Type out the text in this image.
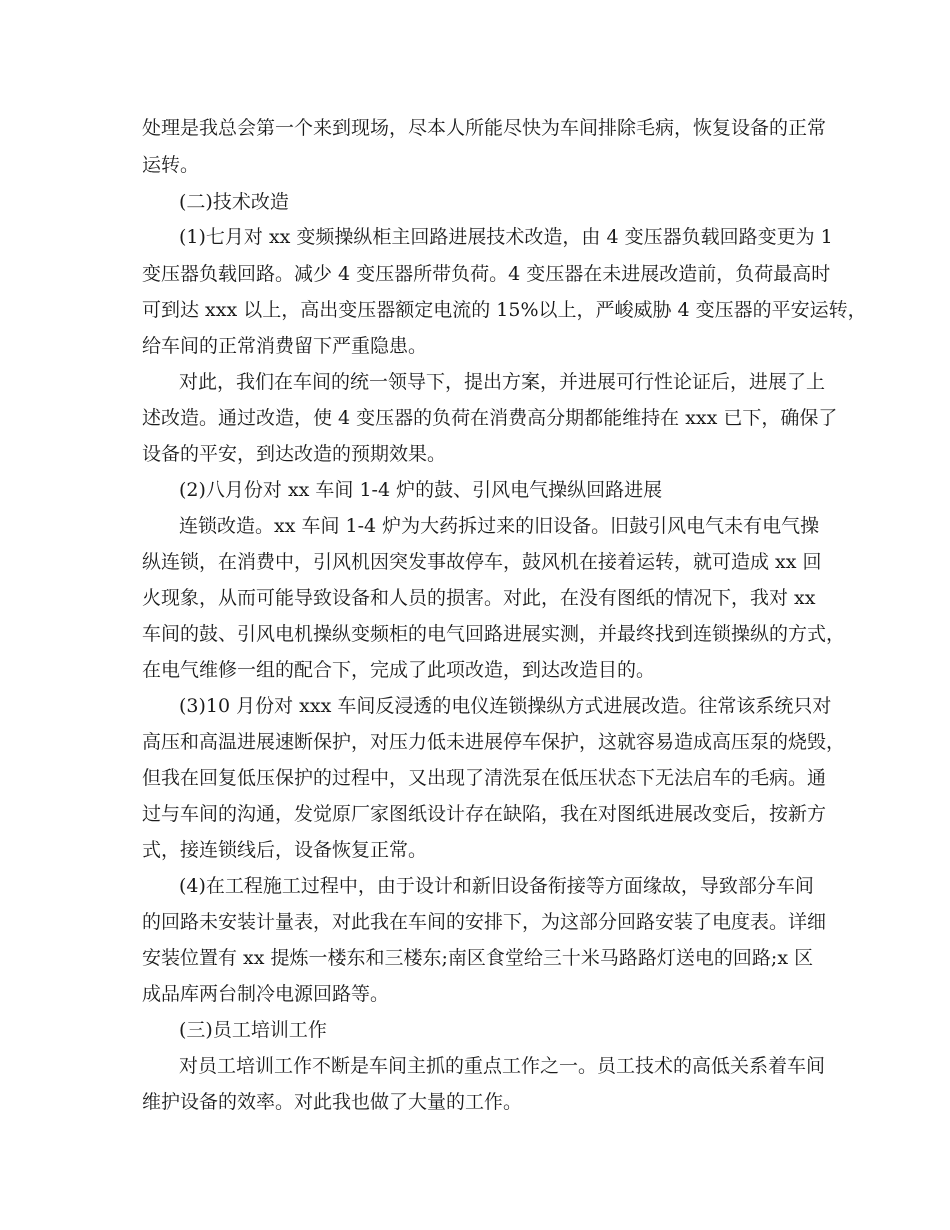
处理是我总会第一个来到现场，尽本人所能尽快为车间排除毛病，恢复设备的正常
运转。
(二)技术改造
(1)七月对 xx 变频操纵柜主回路进展技术改造，由 4 变压器负载回路变更为 1
变压器负载回路。减少 4 变压器所带负荷。4 变压器在未进展改造前，负荷最高时
可到达 xxx 以上，高出变压器额定电流的 15%以上，严峻威胁 4 变压器的平安运转，
给车间的正常消费留下严重隐患。
对此，我们在车间的统一领导下，提出方案，并进展可行性论证后，进展了上
述改造。通过改造，使 4 变压器的负荷在消费高分期都能维持在 xxx 已下，确保了
设备的平安，到达改造的预期效果。
(2)八月份对 xx 车间 1-4 炉的鼓、引风电气操纵回路进展
连锁改造。xx 车间 1-4 炉为大药拆过来的旧设备。旧鼓引风电气未有电气操
纵连锁，在消费中，引风机因突发事故停车，鼓风机在接着运转，就可造成 xx 回
火现象，从而可能导致设备和人员的损害。对此，在没有图纸的情况下，我对 xx
车间的鼓、引风电机操纵变频柜的电气回路进展实测，并最终找到连锁操纵的方式，
在电气维修一组的配合下，完成了此项改造，到达改造目的。
(3)10 月份对 xxx 车间反浸透的电仪连锁操纵方式进展改造。往常该系统只对
高压和高温进展速断保护，对压力低未进展停车保护，这就容易造成高压泵的烧毁，
但我在回复低压保护的过程中，又出现了清洗泵在低压状态下无法启车的毛病。通
过与车间的沟通，发觉原厂家图纸设计存在缺陷，我在对图纸进展改变后，按新方
式，接连锁线后，设备恢复正常。
(4)在工程施工过程中，由于设计和新旧设备衔接等方面缘故，导致部分车间
的回路未安装计量表，对此我在车间的安排下，为这部分回路安装了电度表。详细
安装位置有 xx 提炼一楼东和三楼东;南区食堂给三十米马路路灯送电的回路;x 区
成品库两台制冷电源回路等。
(三)员工培训工作
对员工培训工作不断是车间主抓的重点工作之一。员工技术的高低关系着车间
维护设备的效率。对此我也做了大量的工作。
